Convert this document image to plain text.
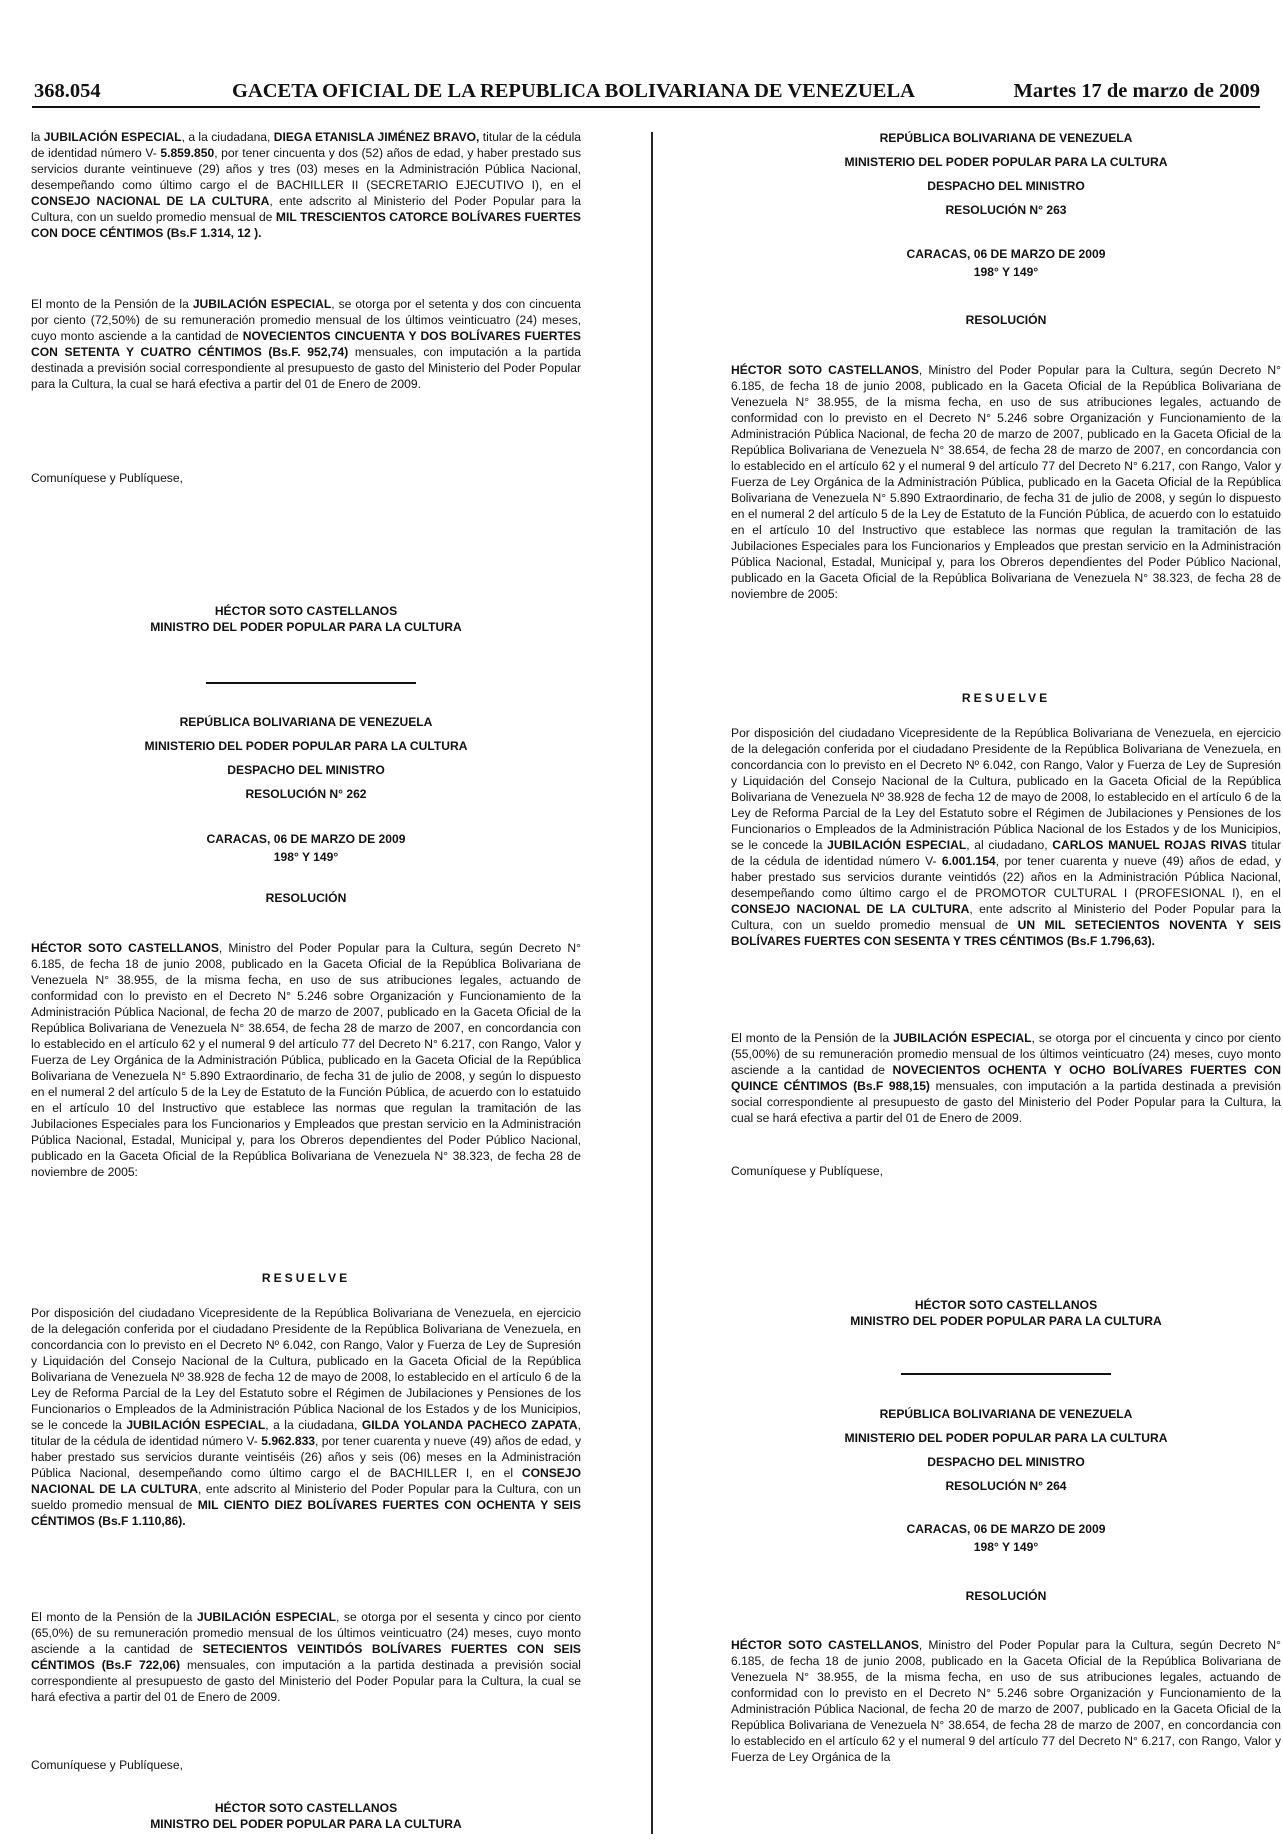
368.054	GACETA OFICIAL DE LA REPUBLICA BOLIVARIANA DE VENEZUELA	Martes 17 de marzo de 2009

la JUBILACIÓN ESPECIAL, a la ciudadana, DIEGA ETANISLA JIMÉNEZ BRAVO, titular de la cédula de identidad número V- 5.859.850, por tener cincuenta y dos (52) años de edad, y haber prestado sus servicios durante veintinueve (29) años y tres (03) meses en la Administración Pública Nacional, desempeñando como último cargo el de BACHILLER II (SECRETARIO EJECUTIVO I), en el CONSEJO NACIONAL DE LA CULTURA, ente adscrito al Ministerio del Poder Popular para la Cultura, con un sueldo promedio mensual de MIL TRESCIENTOS CATORCE BOLÍVARES FUERTES CON DOCE CÉNTIMOS (Bs.F 1.314, 12 ).

El monto de la Pensión de la JUBILACIÓN ESPECIAL, se otorga por el setenta y dos con cincuenta por ciento (72,50%) de su remuneración promedio mensual de los últimos veinticuatro (24) meses, cuyo monto asciende a la cantidad de NOVECIENTOS CINCUENTA Y DOS BOLÍVARES FUERTES CON SETENTA Y CUATRO CÉNTIMOS (Bs.F. 952,74) mensuales, con imputación a la partida destinada a previsión social correspondiente al presupuesto de gasto del Ministerio del Poder Popular para la Cultura, la cual se hará efectiva a partir del 01 de Enero de 2009.

Comuníquese y Publíquese,
HÉCTOR SOTO CASTELLANOS
MINISTRO DEL PODER POPULAR PARA LA CULTURA
REPÚBLICA BOLIVARIANA DE VENEZUELA
MINISTERIO DEL PODER POPULAR PARA LA CULTURA
DESPACHO DEL MINISTRO
RESOLUCIÓN N° 262
CARACAS, 06 DE MARZO DE 2009
198° Y 149°
RESOLUCIÓN

HÉCTOR SOTO CASTELLANOS, Ministro del Poder Popular para la Cultura, según Decreto N° 6.185, de fecha 18 de junio 2008, publicado en la Gaceta Oficial de la República Bolivariana de Venezuela N° 38.955, de la misma fecha, en uso de sus atribuciones legales, actuando de conformidad con lo previsto en el Decreto N° 5.246 sobre Organización y Funcionamiento de la Administración Pública Nacional, de fecha 20 de marzo de 2007, publicado en la Gaceta Oficial de la República Bolivariana de Venezuela N° 38.654, de fecha 28 de marzo de 2007, en concordancia con lo establecido en el artículo 62 y el numeral 9 del artículo 77 del Decreto N° 6.217, con Rango, Valor y Fuerza de Ley Orgánica de la Administración Pública, publicado en la Gaceta Oficial de la República Bolivariana de Venezuela N° 5.890 Extraordinario, de fecha 31 de julio de 2008, y según lo dispuesto en el numeral 2 del artículo 5 de la Ley de Estatuto de la Función Pública, de acuerdo con lo estatuido en el artículo 10 del Instructivo que establece las normas que regulan la tramitación de las Jubilaciones Especiales para los Funcionarios y Empleados que prestan servicio en la Administración Pública Nacional, Estadal, Municipal y, para los Obreros dependientes del Poder Público Nacional, publicado en la Gaceta Oficial de la República Bolivariana de Venezuela N° 38.323, de fecha 28 de noviembre de 2005:

RESUELVE

Por disposición del ciudadano Vicepresidente de la República Bolivariana de Venezuela, en ejercicio de la delegación conferida por el ciudadano Presidente de la República Bolivariana de Venezuela, en concordancia con lo previsto en el Decreto Nº 6.042, con Rango, Valor y Fuerza de Ley de Supresión y Liquidación del Consejo Nacional de la Cultura, publicado en la Gaceta Oficial de la República Bolivariana de Venezuela Nº 38.928 de fecha 12 de mayo de 2008, lo establecido en el artículo 6 de la Ley de Reforma Parcial de la Ley del Estatuto sobre el Régimen de Jubilaciones y Pensiones de los Funcionarios o Empleados de la Administración Pública Nacional de los Estados y de los Municipios, se le concede la JUBILACIÓN ESPECIAL, a la ciudadana, GILDA YOLANDA PACHECO ZAPATA, titular de la cédula de identidad número V- 5.962.833, por tener cuarenta y nueve (49) años de edad, y haber prestado sus servicios durante veintiséis (26) años y seis (06) meses en la Administración Pública Nacional, desempeñando como último cargo el de BACHILLER I, en el CONSEJO NACIONAL DE LA CULTURA, ente adscrito al Ministerio del Poder Popular para la Cultura, con un sueldo promedio mensual de MIL CIENTO DIEZ BOLÍVARES FUERTES CON OCHENTA Y SEIS CÉNTIMOS (Bs.F 1.110,86).

El monto de la Pensión de la JUBILACIÓN ESPECIAL, se otorga por el sesenta y cinco por ciento (65,0%) de su remuneración promedio mensual de los últimos veinticuatro (24) meses, cuyo monto asciende a la cantidad de SETECIENTOS VEINTIDÓS BOLÍVARES FUERTES CON SEIS CÉNTIMOS (Bs.F 722,06) mensuales, con imputación a la partida destinada a previsión social correspondiente al presupuesto de gasto del Ministerio del Poder Popular para la Cultura, la cual se hará efectiva a partir del 01 de Enero de 2009.

Comuníquese y Publíquese,
HÉCTOR SOTO CASTELLANOS
MINISTRO DEL PODER POPULAR PARA LA CULTURA
REPÚBLICA BOLIVARIANA DE VENEZUELA
MINISTERIO DEL PODER POPULAR PARA LA CULTURA
DESPACHO DEL MINISTRO
RESOLUCIÓN N° 263
CARACAS, 06 DE MARZO DE 2009
198° Y 149°
RESOLUCIÓN

HÉCTOR SOTO CASTELLANOS, Ministro del Poder Popular para la Cultura, según Decreto N° 6.185, de fecha 18 de junio 2008, publicado en la Gaceta Oficial de la República Bolivariana de Venezuela N° 38.955, de la misma fecha, en uso de sus atribuciones legales, actuando de conformidad con lo previsto en el Decreto N° 5.246 sobre Organización y Funcionamiento de la Administración Pública Nacional, de fecha 20 de marzo de 2007, publicado en la Gaceta Oficial de la República Bolivariana de Venezuela N° 38.654, de fecha 28 de marzo de 2007, en concordancia con lo establecido en el artículo 62 y el numeral 9 del artículo 77 del Decreto N° 6.217, con Rango, Valor y Fuerza de Ley Orgánica de la Administración Pública, publicado en la Gaceta Oficial de la República Bolivariana de Venezuela N° 5.890 Extraordinario, de fecha 31 de julio de 2008, y según lo dispuesto en el numeral 2 del artículo 5 de la Ley de Estatuto de la Función Pública, de acuerdo con lo estatuido en el artículo 10 del Instructivo que establece las normas que regulan la tramitación de las Jubilaciones Especiales para los Funcionarios y Empleados que prestan servicio en la Administración Pública Nacional, Estadal, Municipal y, para los Obreros dependientes del Poder Público Nacional, publicado en la Gaceta Oficial de la República Bolivariana de Venezuela N° 38.323, de fecha 28 de noviembre de 2005:

RESUELVE

Por disposición del ciudadano Vicepresidente de la República Bolivariana de Venezuela, en ejercicio de la delegación conferida por el ciudadano Presidente de la República Bolivariana de Venezuela, en concordancia con lo previsto en el Decreto Nº 6.042, con Rango, Valor y Fuerza de Ley de Supresión y Liquidación del Consejo Nacional de la Cultura, publicado en la Gaceta Oficial de la República Bolivariana de Venezuela Nº 38.928 de fecha 12 de mayo de 2008, lo establecido en el artículo 6 de la Ley de Reforma Parcial de la Ley del Estatuto sobre el Régimen de Jubilaciones y Pensiones de los Funcionarios o Empleados de la Administración Pública Nacional de los Estados y de los Municipios, se le concede la JUBILACIÓN ESPECIAL, al ciudadano, CARLOS MANUEL ROJAS RIVAS titular de la cédula de identidad número V- 6.001.154, por tener cuarenta y nueve (49) años de edad, y haber prestado sus servicios durante veintidós (22) años en la Administración Pública Nacional, desempeñando como último cargo el de PROMOTOR CULTURAL I (PROFESIONAL I), en el CONSEJO NACIONAL DE LA CULTURA, ente adscrito al Ministerio del Poder Popular para la Cultura, con un sueldo promedio mensual de UN MIL SETECIENTOS NOVENTA Y SEIS BOLÍVARES FUERTES CON SESENTA Y TRES CÉNTIMOS (Bs.F 1.796,63).

El monto de la Pensión de la JUBILACIÓN ESPECIAL, se otorga por el cincuenta y cinco por ciento (55,00%) de su remuneración promedio mensual de los últimos veinticuatro (24) meses, cuyo monto asciende a la cantidad de NOVECIENTOS OCHENTA Y OCHO BOLÍVARES FUERTES CON QUINCE CÉNTIMOS (Bs.F 988,15) mensuales, con imputación a la partida destinada a previsión social correspondiente al presupuesto de gasto del Ministerio del Poder Popular para la Cultura, la cual se hará efectiva a partir del 01 de Enero de 2009.

Comuníquese y Publíquese,
HÉCTOR SOTO CASTELLANOS
MINISTRO DEL PODER POPULAR PARA LA CULTURA
REPÚBLICA BOLIVARIANA DE VENEZUELA
MINISTERIO DEL PODER POPULAR PARA LA CULTURA
DESPACHO DEL MINISTRO
RESOLUCIÓN N° 264
CARACAS, 06 DE MARZO DE 2009
198° Y 149°
RESOLUCIÓN

HÉCTOR SOTO CASTELLANOS, Ministro del Poder Popular para la Cultura, según Decreto N° 6.185, de fecha 18 de junio 2008, publicado en la Gaceta Oficial de la República Bolivariana de Venezuela N° 38.955, de la misma fecha, en uso de sus atribuciones legales, actuando de conformidad con lo previsto en el Decreto N° 5.246 sobre Organización y Funcionamiento de la Administración Pública Nacional, de fecha 20 de marzo de 2007, publicado en la Gaceta Oficial de la República Bolivariana de Venezuela N° 38.654, de fecha 28 de marzo de 2007, en concordancia con lo establecido en el artículo 62 y el numeral 9 del artículo 77 del Decreto N° 6.217, con Rango, Valor y Fuerza de Ley Orgánica de la
